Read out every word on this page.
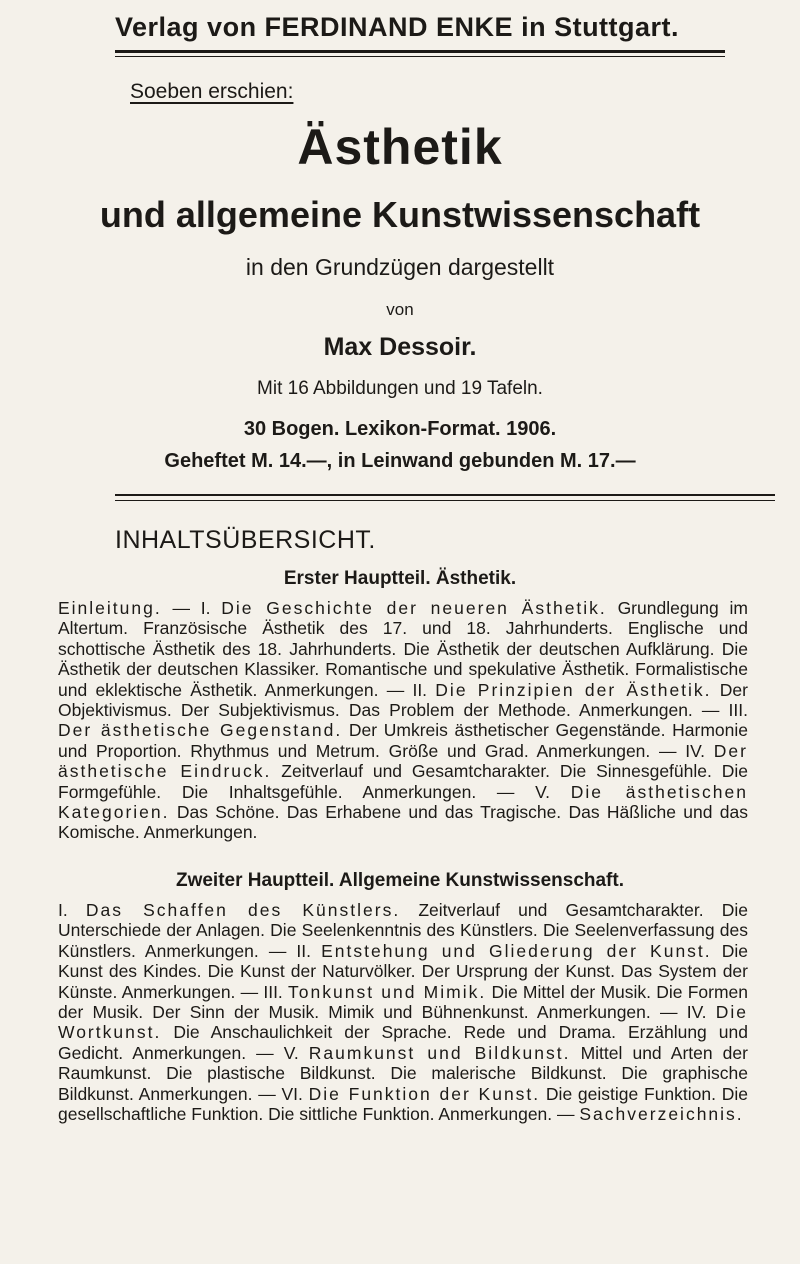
Verlag von FERDINAND ENKE in Stuttgart.
Soeben erschien:
Ästhetik
und allgemeine Kunstwissenschaft
in den Grundzügen dargestellt
von
Max Dessoir.
Mit 16 Abbildungen und 19 Tafeln.
30 Bogen. Lexikon-Format. 1906.
Geheftet M. 14.—, in Leinwand gebunden M. 17.—
INHALTSÜBERSICHT.
Erster Hauptteil. Ästhetik.
Einleitung. — I. Die Geschichte der neueren Ästhetik. Grundlegung im Altertum. Französische Ästhetik des 17. und 18. Jahrhunderts. Englische und schottische Ästhetik des 18. Jahrhunderts. Die Ästhetik der deutschen Aufklärung. Die Ästhetik der deutschen Klassiker. Romantische und spekulative Ästhetik. Formalistische und eklektische Ästhetik. Anmerkungen. — II. Die Prinzipien der Ästhetik. Der Objektivismus. Der Subjektivismus. Das Problem der Methode. Anmerkungen. — III. Der ästhetische Gegenstand. Der Umkreis ästhetischer Gegenstände. Harmonie und Proportion. Rhythmus und Metrum. Größe und Grad. Anmerkungen. — IV. Der ästhetische Eindruck. Zeitverlauf und Gesamtcharakter. Die Sinnesgefühle. Die Formgefühle. Die Inhaltsgefühle. Anmerkungen. — V. Die ästhetischen Kategorien. Das Schöne. Das Erhabene und das Tragische. Das Häßliche und das Komische. Anmerkungen.
Zweiter Hauptteil. Allgemeine Kunstwissenschaft.
I. Das Schaffen des Künstlers. Zeitverlauf und Gesamtcharakter. Die Unterschiede der Anlagen. Die Seelenkenntnis des Künstlers. Die Seelenverfassung des Künstlers. Anmerkungen. — II. Entstehung und Gliederung der Kunst. Die Kunst des Kindes. Die Kunst der Naturvölker. Der Ursprung der Kunst. Das System der Künste. Anmerkungen. — III. Tonkunst und Mimik. Die Mittel der Musik. Die Formen der Musik. Der Sinn der Musik. Mimik und Bühnenkunst. Anmerkungen. — IV. Die Wortkunst. Die Anschaulichkeit der Sprache. Rede und Drama. Erzählung und Gedicht. Anmerkungen. — V. Raumkunst und Bildkunst. Mittel und Arten der Raumkunst. Die plastische Bildkunst. Die malerische Bildkunst. Die graphische Bildkunst. Anmerkungen. — VI. Die Funktion der Kunst. Die geistige Funktion. Die gesellschaftliche Funktion. Die sittliche Funktion. Anmerkungen. — Sachverzeichnis.
